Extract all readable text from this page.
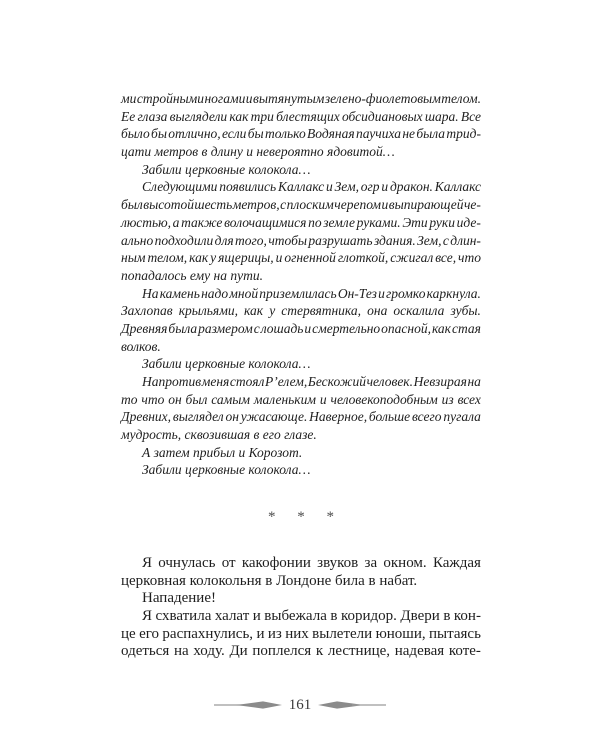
ми стройными ногами и вытянутым зелено-фиолетовым телом.
Ее глаза выглядели как три блестящих обсидиановых шара. Все
было бы отлично, если бы только Водяная паучиха не была трид-
цати метров в длину и невероятно ядовитой…
Забили церковные колокола…
Следующими появились Каллакс и Зем, огр и дракон. Каллакс
был высотой шесть метров, с плоским черепом и выпирающей че-
люстью, а также волочащимися по земле руками. Эти руки иде-
ально подходили для того, чтобы разрушать здания. Зем, с длин-
ным телом, как у ящерицы, и огненной глоткой, сжигал все, что
попадалось ему на пути.
На камень надо мной приземлилась Он-Тез и громко каркнула.
Захлопав крыльями, как у стервятника, она оскалила зубы.
Древняя была размером с лошадь и смертельно опасной, как стая
волков.
Забили церковные колокола…
Напротив меня стоял Р’елем, Бескожий человек. Невзирая на
то что он был самым маленьким и человекоподобным из всех
Древних, выглядел он ужасающе. Наверное, больше всего пугала
мудрость, сквозившая в его глазе.
А затем прибыл и Корозот.
Забили церковные колокола…
* * *
Я очнулась от какофонии звуков за окном. Каждая
церковная колокольня в Лондоне била в набат.
Нападение!
Я схватила халат и выбежала в коридор. Двери в кон-
це его распахнулись, и из них вылетели юноши, пытаясь
одеться на ходу. Ди поплелся к лестнице, надевая коте-
161
